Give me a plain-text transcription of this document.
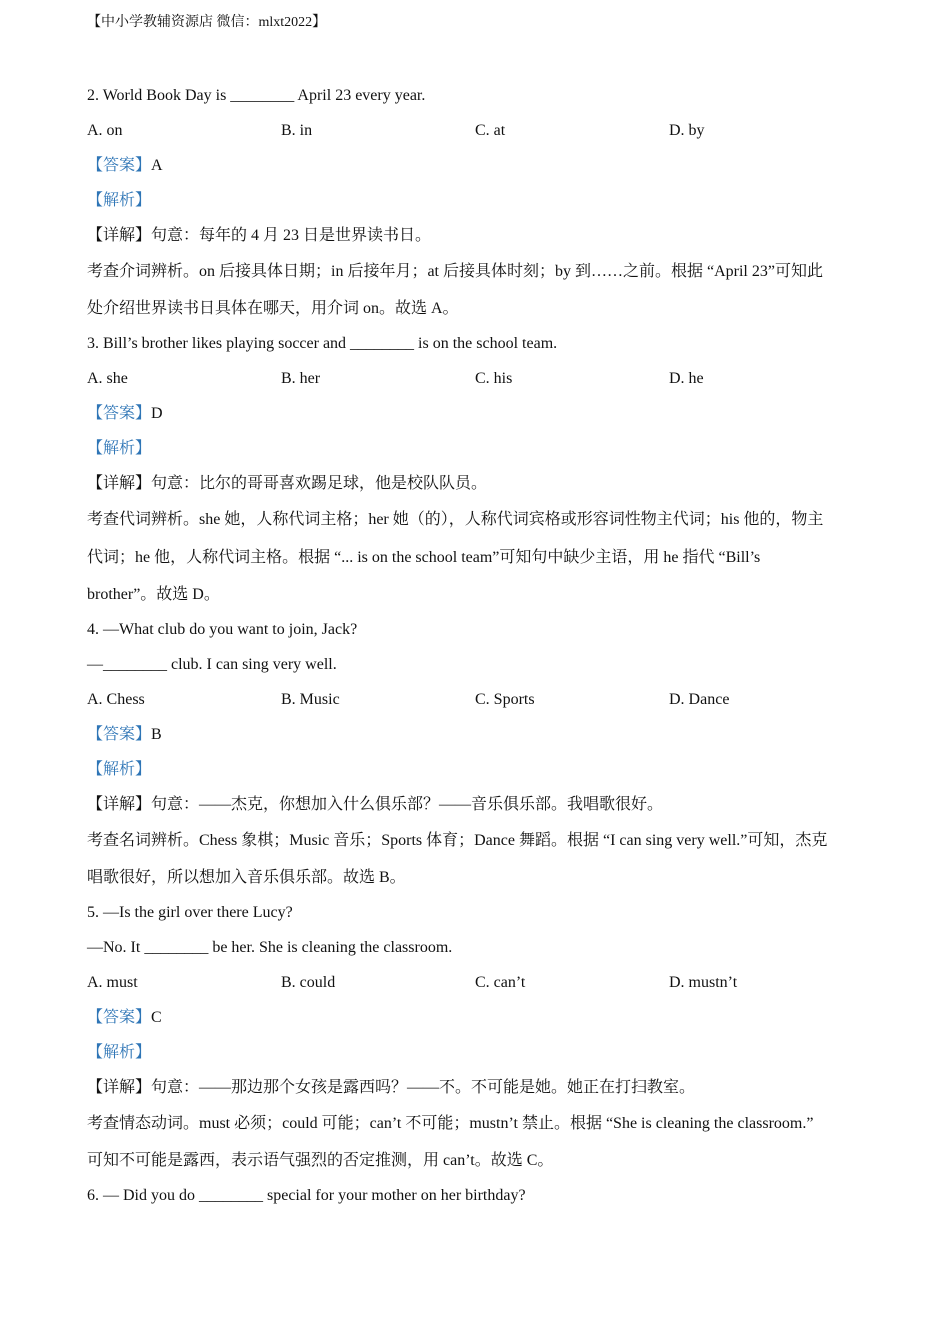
【中小学教辅资源店 微信：mlxt2022】
2. World Book Day is ________ April 23 every year.
A. on	B. in	C. at	D. by
【答案】A
【解析】
【详解】句意：每年的 4 月 23 日是世界读书日。
考查介词辨析。on 后接具体日期；in 后接年月；at 后接具体时刻；by 到……之前。根据 “April 23”可知此
处介绍世界读书日具体在哪天，用介词 on。故选 A。
3. Bill’s brother likes playing soccer and ________ is on the school team.
A. she	B. her	C. his	D. he
【答案】D
【解析】
【详解】句意：比尔的哥哥喜欢踢足球，他是校队队员。
考查代词辨析。she 她，人称代词主格；her 她（的），人称代词宾格或形容词性物主代词；his 他的，物主
代词；he 他，人称代词主格。根据 “... is on the school team”可知句中缺少主语，用 he 指代 “Bill’s
brother”。故选 D。
4. —What club do you want to join, Jack?
—________ club. I can sing very well.
A. Chess	B. Music	C. Sports	D. Dance
【答案】B
【解析】
【详解】句意：——杰克，你想加入什么俱乐部？——音乐俱乐部。我唱歌很好。
考查名词辨析。Chess 象棋；Music 音乐；Sports 体育；Dance 舞蹈。根据 “I can sing very well.”可知，杰克
唱歌很好，所以想加入音乐俱乐部。故选 B。
5. —Is the girl over there Lucy?
—No. It ________ be her. She is cleaning the classroom.
A. must	B. could	C. can’t	D. mustn’t
【答案】C
【解析】
【详解】句意：——那边那个女孩是露西吗？——不。不可能是她。她正在打扫教室。
考查情态动词。must 必须；could 可能；can’t 不可能；mustn’t 禁止。根据 “She is cleaning the classroom.”
可知不可能是露西，表示语气强烈的否定推测，用 can’t。故选 C。
6. — Did you do ________ special for your mother on her birthday?
